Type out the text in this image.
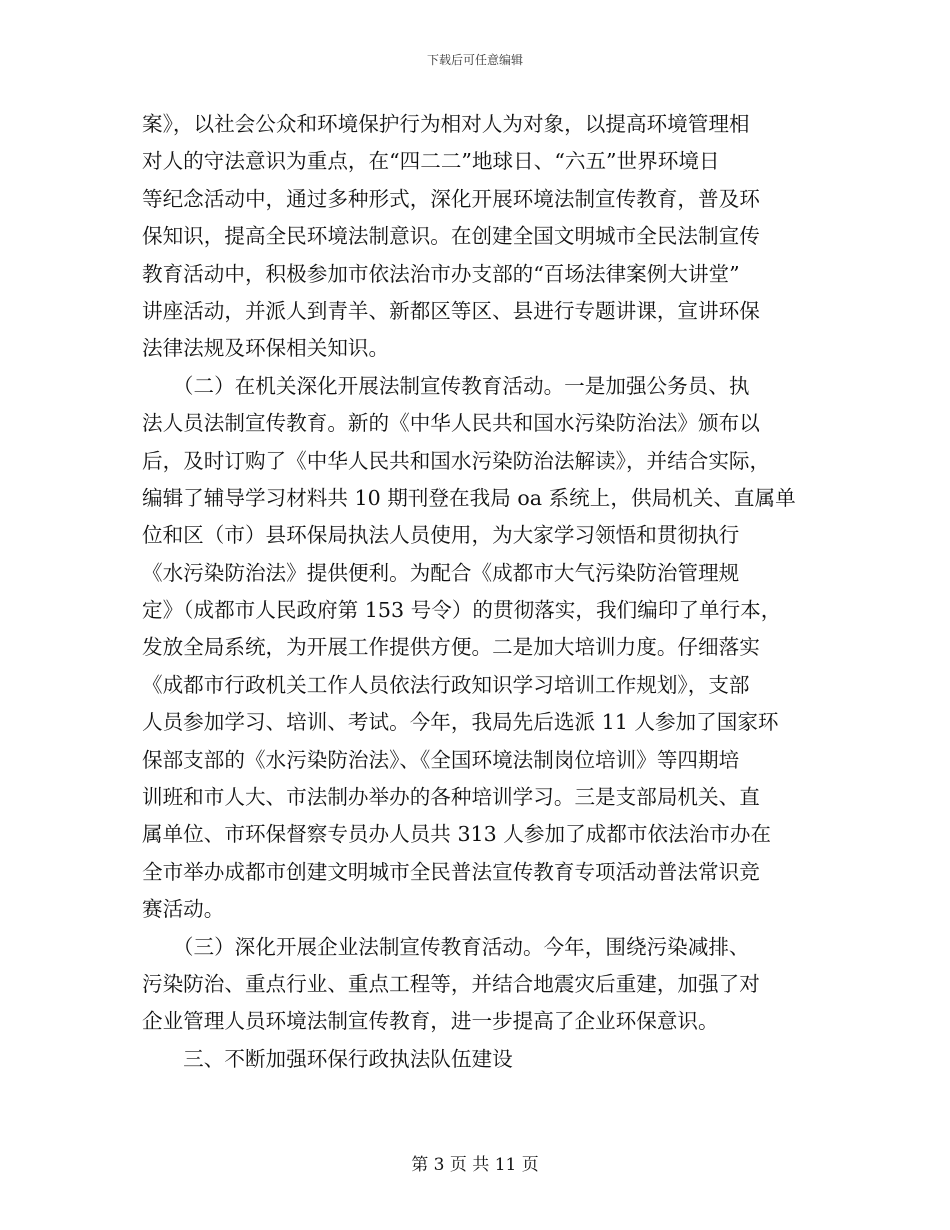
下载后可任意编辑
案》，以社会公众和环境保护行为相对人为对象，以提高环境管理相
对人的守法意识为重点，在“四二二”地球日、“六五”世界环境日
等纪念活动中，通过多种形式，深化开展环境法制宣传教育，普及环
保知识，提高全民环境法制意识。在创建全国文明城市全民法制宣传
教育活动中，积极参加市依法治市办支部的“百场法律案例大讲堂”
讲座活动，并派人到青羊、新都区等区、县进行专题讲课，宣讲环保
法律法规及环保相关知识。
　　（二）在机关深化开展法制宣传教育活动。一是加强公务员、执
法人员法制宣传教育。新的《中华人民共和国水污染防治法》颁布以
后，及时订购了《中华人民共和国水污染防治法解读》，并结合实际，
编辑了辅导学习材料共 10 期刊登在我局 oa 系统上，供局机关、直属单
位和区（市）县环保局执法人员使用，为大家学习领悟和贯彻执行
《水污染防治法》提供便利。为配合《成都市大气污染防治管理规
定》（成都市人民政府第 153 号令）的贯彻落实，我们编印了单行本，
发放全局系统，为开展工作提供方便。二是加大培训力度。仔细落实
《成都市行政机关工作人员依法行政知识学习培训工作规划》，支部
人员参加学习、培训、考试。今年，我局先后选派 11 人参加了国家环
保部支部的《水污染防治法》、《全国环境法制岗位培训》等四期培
训班和市人大、市法制办举办的各种培训学习。三是支部局机关、直
属单位、市环保督察专员办人员共 313 人参加了成都市依法治市办在
全市举办成都市创建文明城市全民普法宣传教育专项活动普法常识竞
赛活动。
　　（三）深化开展企业法制宣传教育活动。今年，围绕污染减排、
污染防治、重点行业、重点工程等，并结合地震灾后重建，加强了对
企业管理人员环境法制宣传教育，进一步提高了企业环保意识。
　　三、不断加强环保行政执法队伍建设
第 3 页 共 11 页
